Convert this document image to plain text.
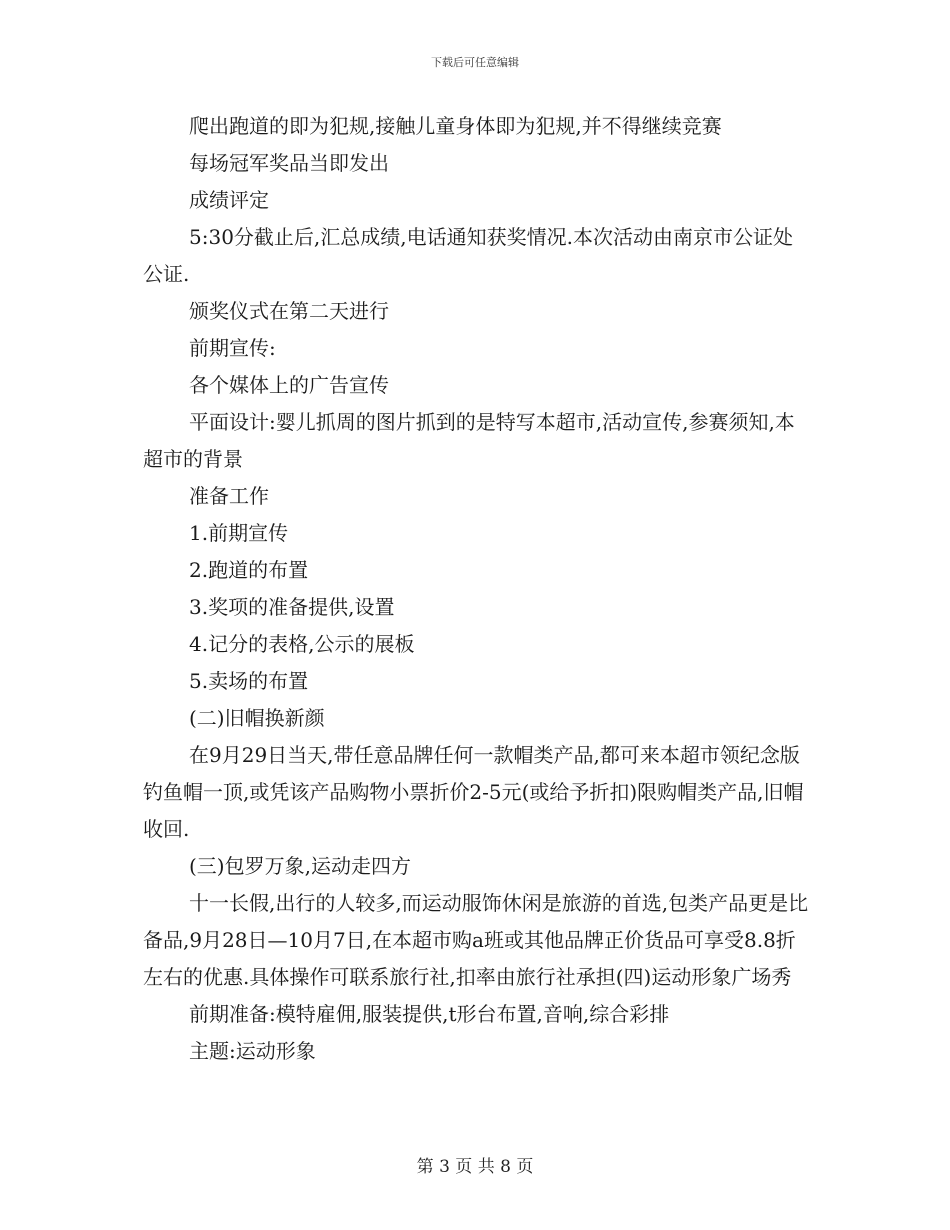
下载后可任意编辑

爬出跑道的即为犯规,接触儿童身体即为犯规,并不得继续竞赛

每场冠军奖品当即发出

成绩评定

5:30分截止后,汇总成绩,电话通知获奖情况.本次活动由南京市公证处公证.

颁奖仪式在第二天进行

前期宣传:

各个媒体上的广告宣传

平面设计:婴儿抓周的图片抓到的是特写本超市,活动宣传,参赛须知,本超市的背景

准备工作

1.前期宣传

2.跑道的布置

3.奖项的准备提供,设置

4.记分的表格,公示的展板

5.卖场的布置

(二)旧帽换新颜

在9月29日当天,带任意品牌任何一款帽类产品,都可来本超市领纪念版钓鱼帽一顶,或凭该产品购物小票折价2-5元(或给予折扣)限购帽类产品,旧帽收回.

(三)包罗万象,运动走四方

十一长假,出行的人较多,而运动服饰休闲是旅游的首选,包类产品更是比备品,9月28日—10月7日,在本超市购a班或其他品牌正价货品可享受8.8折左右的优惠.具体操作可联系旅行社,扣率由旅行社承担(四)运动形象广场秀

前期准备:模特雇佣,服装提供,t形台布置,音响,综合彩排

主题:运动形象

第 3 页 共 8 页
